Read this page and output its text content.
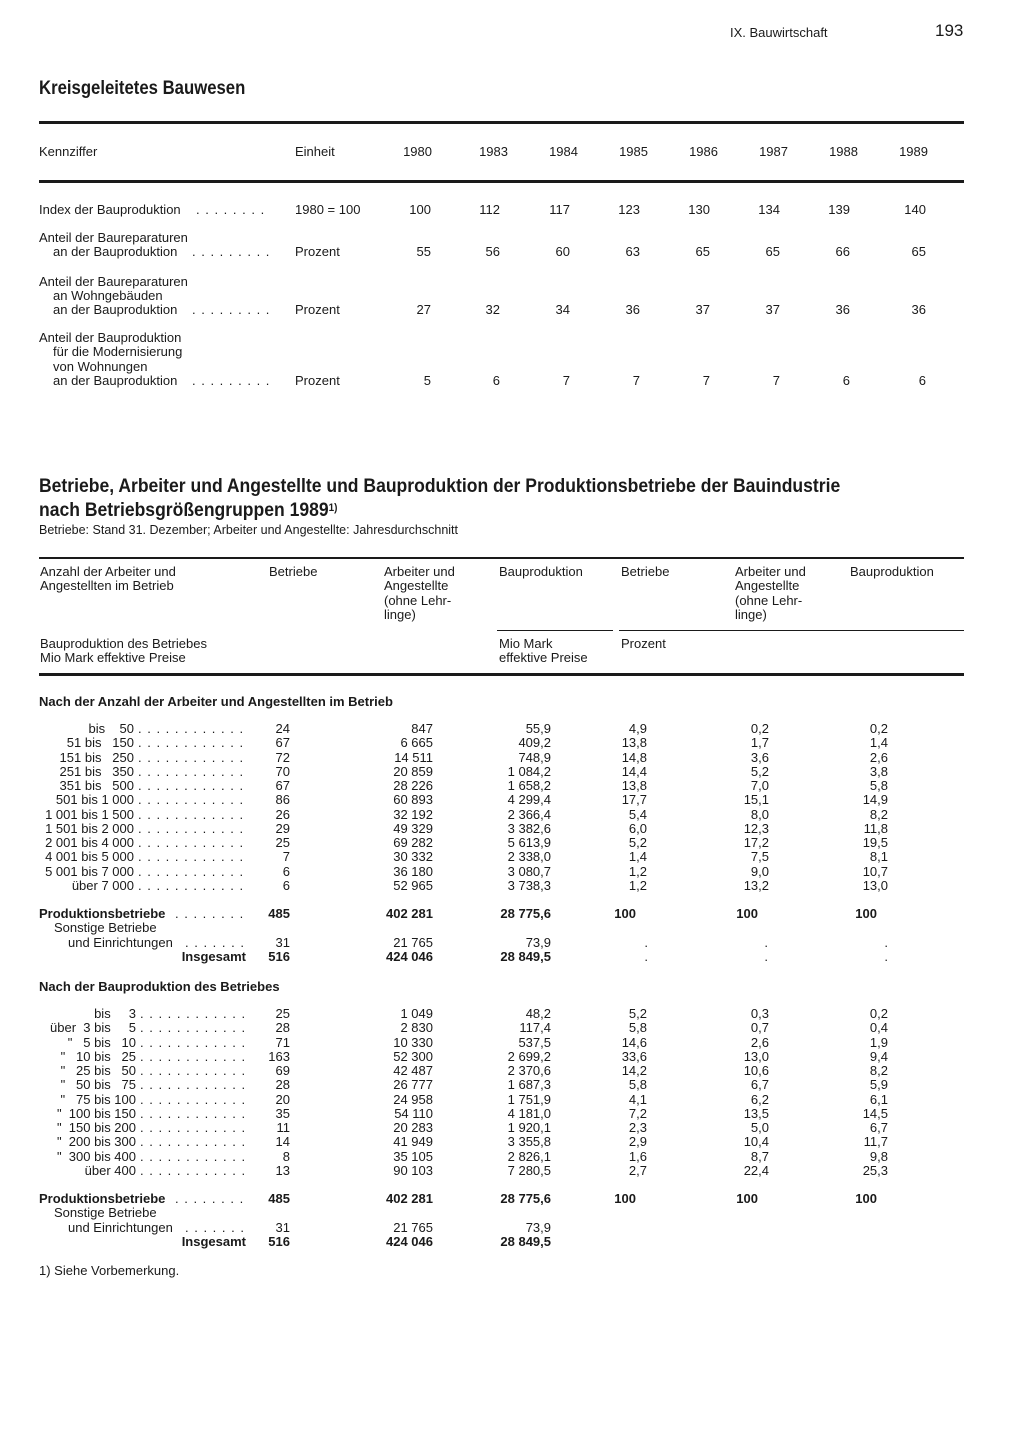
IX. Bauwirtschaft	193
Kreisgeleitetes Bauwesen
Kennziffer	Einheit	1980	1983	1984	1985	1986	1987	1988	1989
Index der Bauproduktion . . . . . . . . 1980 = 100	100	112	117	123	130	134	139	140
Anteil der Baureparaturen
an der Bauproduktion . . . . . . . . . Prozent	55	56	60	63	65	65	66	65
Anteil der Baureparaturen
an Wohngebäuden
an der Bauproduktion . . . . . . . . . Prozent	27	32	34	36	37	37	36	36
Anteil der Bauproduktion
für die Modernisierung
von Wohnungen
an der Bauproduktion . . . . . . . . . Prozent	5	6	7	7	7	7	6	6
Betriebe, Arbeiter und Angestellte und Bauproduktion der Produktionsbetriebe der Bauindustrie
nach Betriebsgrößengruppen 1989$^{1)}$
Betriebe: Stand 31. Dezember; Arbeiter und Angestellte: Jahresdurchschnitt
Anzahl der Arbeiter und
Angestellten im Betrieb
Betriebe	Arbeiter und
Angestellte
(ohne Lehr-
linge)
Bauproduktion	Betriebe	Arbeiter und
Angestellte
(ohne Lehr-
linge)
Bauproduktion
Bauproduktion des Betriebes
Mio Mark effektive Preise
Mio Mark
effektive Preise
Prozent
Nach der Anzahl der Arbeiter und Angestellten im Betrieb
bis    50 . . . . . . . . . . . .	24	847	55,9	4,9	0,2	0,2
51 bis   150 . . . . . . . . . . . .	67	6 665	409,2	13,8	1,7	1,4
151 bis   250 . . . . . . . . . . . .	72	14 511	748,9	14,8	3,6	2,6
251 bis   350 . . . . . . . . . . . .	70	20 859	1 084,2	14,4	5,2	3,8
351 bis   500 . . . . . . . . . . . .	67	28 226	1 658,2	13,8	7,0	5,8
501 bis 1 000 . . . . . . . . . . . .	86	60 893	4 299,4	17,7	15,1	14,9
1 001 bis 1 500 . . . . . . . . . . . .	26	32 192	2 366,4	5,4	8,0	8,2
1 501 bis 2 000 . . . . . . . . . . . .	29	49 329	3 382,6	6,0	12,3	11,8
2 001 bis 4 000 . . . . . . . . . . . .	25	69 282	5 613,9	5,2	17,2	19,5
4 001 bis 5 000 . . . . . . . . . . . .	7	30 332	2 338,0	1,4	7,5	8,1
5 001 bis 7 000 . . . . . . . . . . . .	6	36 180	3 080,7	1,2	9,0	10,7
über 7 000 . . . . . . . . . . . .	6	52 965	3 738,3	1,2	13,2	13,0
Produktionsbetriebe . . . . . . . .	485	402 281	28 775,6	100	100	100
Sonstige Betriebe
und Einrichtungen . . . . . . .	31	21 765	73,9	.	.	.
Insgesamt	516	424 046	28 849,5	.	.	.
Nach der Bauproduktion des Betriebes
bis     3 . . . . . . . . . . . .	25	1 049	48,2	5,2	0,3	0,2
über  3 bis     5 . . . . . . . . . . . .	28	2 830	117,4	5,8	0,7	0,4
"   5 bis   10 . . . . . . . . . . . .	71	10 330	537,5	14,6	2,6	1,9
"   10 bis   25 . . . . . . . . . . . .	163	52 300	2 699,2	33,6	13,0	9,4
"   25 bis   50 . . . . . . . . . . . .	69	42 487	2 370,6	14,2	10,6	8,2
"   50 bis   75 . . . . . . . . . . . .	28	26 777	1 687,3	5,8	6,7	5,9
"   75 bis 100 . . . . . . . . . . . .	20	24 958	1 751,9	4,1	6,2	6,1
"  100 bis 150 . . . . . . . . . . . .	35	54 110	4 181,0	7,2	13,5	14,5
"  150 bis 200 . . . . . . . . . . . .	11	20 283	1 920,1	2,3	5,0	6,7
"  200 bis 300 . . . . . . . . . . . .	14	41 949	3 355,8	2,9	10,4	11,7
"  300 bis 400 . . . . . . . . . . . .	8	35 105	2 826,1	1,6	8,7	9,8
über 400 . . . . . . . . . . . .	13	90 103	7 280,5	2,7	22,4	25,3
Produktionsbetriebe . . . . . . . .	485	402 281	28 775,6	100	100	100
Sonstige Betriebe
und Einrichtungen . . . . . . .	31	21 765	73,9
Insgesamt	516	424 046	28 849,5
1) Siehe Vorbemerkung.
